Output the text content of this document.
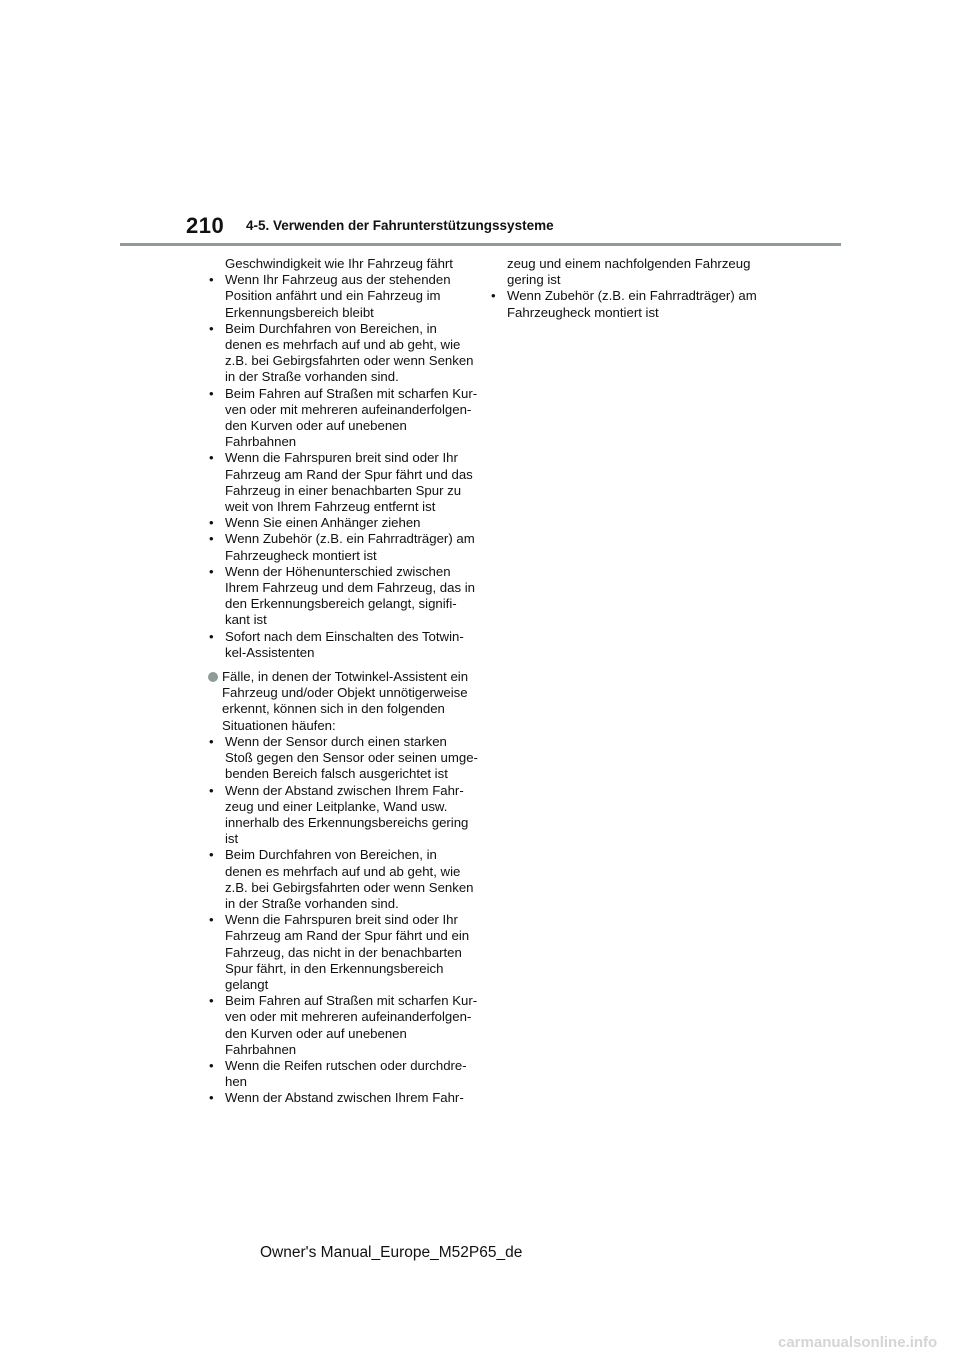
210 4-5. Verwenden der Fahrunterstützungssysteme

Geschwindigkeit wie Ihr Fahrzeug fährt

• Wenn Ihr Fahrzeug aus der stehenden

Position anfährt und ein Fahrzeug im

Erkennungsbereich bleibt

• Beim Durchfahren von Bereichen, in

denen es mehrfach auf und ab geht, wie

z.B. bei Gebirgsfahrten oder wenn Senken

in der Straße vorhanden sind.

• Beim Fahren auf Straßen mit scharfen Kur-

ven oder mit mehreren aufeinanderfolgen-

den Kurven oder auf unebenen

Fahrbahnen

• Wenn die Fahrspuren breit sind oder Ihr

Fahrzeug am Rand der Spur fährt und das

Fahrzeug in einer benachbarten Spur zu

weit von Ihrem Fahrzeug entfernt ist

• Wenn Sie einen Anhänger ziehen

• Wenn Zubehör (z.B. ein Fahrradträger) am

Fahrzeugheck montiert ist

• Wenn der Höhenunterschied zwischen

Ihrem Fahrzeug und dem Fahrzeug, das in

den Erkennungsbereich gelangt, signifi-

kant ist

• Sofort nach dem Einschalten des Totwin-

kel-Assistenten

Fälle, in denen der Totwinkel-Assistent ein

Fahrzeug und/oder Objekt unnötigerweise

erkennt, können sich in den folgenden

Situationen häufen:

• Wenn der Sensor durch einen starken

Stoß gegen den Sensor oder seinen umge-

benden Bereich falsch ausgerichtet ist

• Wenn der Abstand zwischen Ihrem Fahr-

zeug und einer Leitplanke, Wand usw.

innerhalb des Erkennungsbereichs gering

ist

• Beim Durchfahren von Bereichen, in

denen es mehrfach auf und ab geht, wie

z.B. bei Gebirgsfahrten oder wenn Senken

in der Straße vorhanden sind.

• Wenn die Fahrspuren breit sind oder Ihr

Fahrzeug am Rand der Spur fährt und ein

Fahrzeug, das nicht in der benachbarten

Spur fährt, in den Erkennungsbereich

gelangt

• Beim Fahren auf Straßen mit scharfen Kur-

ven oder mit mehreren aufeinanderfolgen-

den Kurven oder auf unebenen

Fahrbahnen

• Wenn die Reifen rutschen oder durchdre-

hen

• Wenn der Abstand zwischen Ihrem Fahr-

zeug und einem nachfolgenden Fahrzeug

gering ist

• Wenn Zubehör (z.B. ein Fahrradträger) am

Fahrzeugheck montiert ist

Owner's Manual_Europe_M52P65_de
carmanualsonline.info
